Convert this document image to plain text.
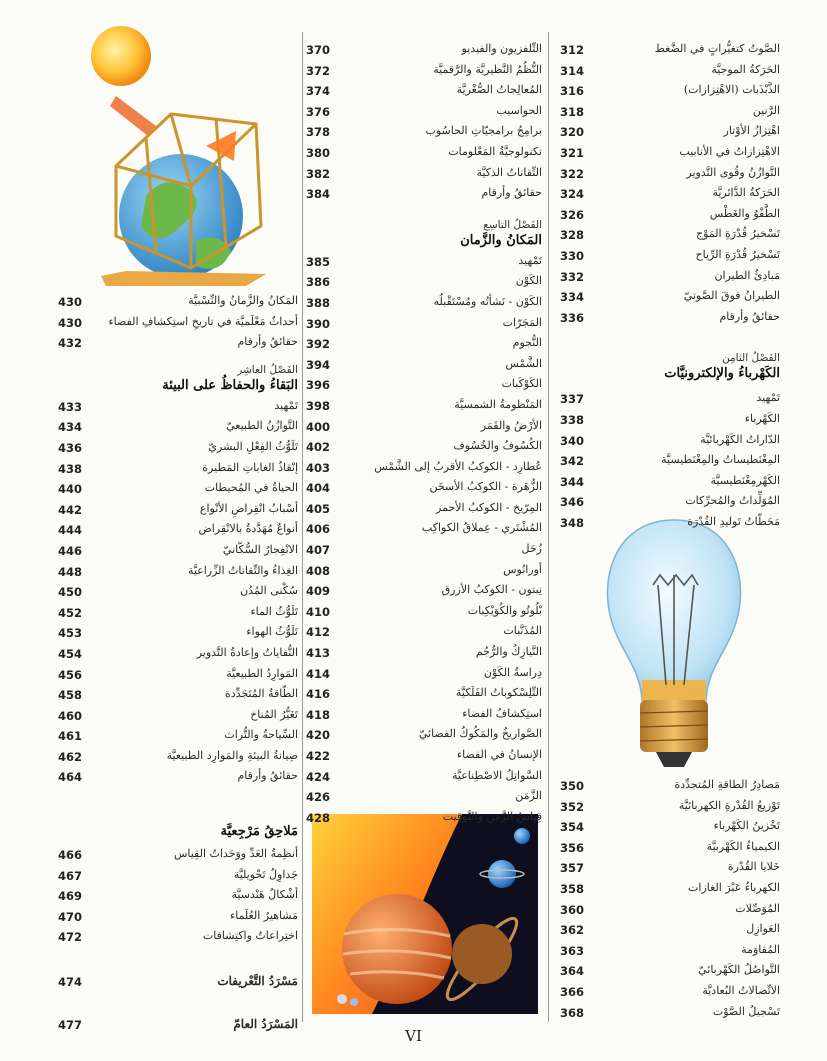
312	الصَّوتُ كتغيُّراتٍ في الضَّغط
314	الحَرَكةُ الموجيَّة
316	الذَّبْذَبات (الاهْتِزازات)
318	الرَّنين
320	اهْتِزازُ الأوْتار
321	الاهْتِزازاتُ في الأنابيب
322	التَّوازُنُ وقُوى التَّدوير
324	الحَرَكةُ الدَّائريَّة
326	الطَّفْوُ والغَطْس
328	تَسْخيرُ قُدْرَةِ المَوْج
330	تَسْخيرُ قُدْرَةِ الرِّياح
332	مَبادِئُ الطيران
334	الطيرانُ فوقَ الصَّوتيّ
336	حقائقُ وأرقام
الفَصْلُ الثامِن
الكَهْرباءُ والإلكترونيَّات
337	تَمْهيد
338	الكَهْرباء
340	الدّاراتُ الكَهْربائيَّة
342	المِغْنَطيساتُ والمِغْنَطيسيَّة
344	الكَهْرمِغْنَطيسيَّة
346	المُوَلِّداتُ والمُحرِّكات
348	مَحَطّاتُ تَوليدِ القُدْرَة
350	مَصادِرُ الطاقةِ المُتجدِّدة
352	تَوْزيعُ القُدْرةِ الكهربائيَّة
354	تَخْزينُ الكَهْرباء
356	الكيمياءُ الكَهْربيَّة
357	خَلايا القُدْرة
358	الكهرباءُ عَبْرَ الغازات
360	المُوَصِّلات
362	العَوازِل
363	المُقاوَمة
364	التَّواصُلُ الكَهْربائيّ
366	الاتِّصالاتُ البُعاديَّة
368	تَسْجيلُ الصَّوْت
370	التِّلفزيون والفيديو
372	النُّظُمُ النَّظيريَّة والرَّقميَّة
374	المُعالِجاتُ الصُّغْريَّة
376	الحواسيب
378	برامِجُ برامجيّاتِ الحاسُوب
380	تكنولوجيَّةُ المَعْلومات
382	التِّقاناتُ الذكيَّة
384	حقائقُ وأرقام
الفَصْلُ التاسِع
المَكانُ والزَّمان
385	تَمْهيد
386	الكَوْن
388	الكَوْن - نَشأتُه ومُسْتَقْبلُه
390	المَجَرّات
392	النُّجوم
394	الشَّمْس
396	الكَوْكَبات
398	المَنْظومةُ الشمسيَّة
400	الأرْضُ والقَمَر
402	الكُسُوفُ والخُسُوف
403	عُطارِد - الكوكبُ الأقربُ إلى الشَّمْس
404	الزُّهَرة - الكوكبُ الأسخَن
405	المِرّيخ - الكوكبُ الأحمر
406	المُشْتَري - عِملاقُ الكواكِب
407	زُحَل
408	أورانُوس
409	نِبتون - الكوكبُ الأزرق
410	بْلُوتُو والكُوَيْكِبات
412	المُذَنَّبات
413	النَّيازِكُ والرُّجُم
414	دِراسةُ الكَوْن
416	التِّلِسْكوباتُ الفَلَكيَّة
418	استِكشافُ الفضاء
420	الصَّواريخُ والمَكُوكُ الفضائيّ
422	الإنسانُ في الفضاء
424	السَّواتِلُ الاصْطِناعيَّة
426	الزَّمَن
428	قِياسُ الزَّمَنِ والتَّوقيت
430	المَكانُ والزَّمانُ والنِّسْبيَّة
430 أحداثٌ مَعْلَميَّة في تاريخِ استِكشافِ الفضاء
432	حقائقُ وأرقام
الفَصْلُ العاشِر
البَقاءُ والحفاظُ على البيئة
433	تَمْهيد
434	التَّوازُنُ الطبيعيّ
436	تَلَوُّثُ الفِعْلِ البشريّ
438	إنْقاذُ الغاباتِ المَطيرة
440	الحياةُ في المُحيطات
442	أسْبابُ انْقِراضِ الأنْواع
444	أنواعٌ مُهَدَّدةٌ بالانْقِراض
446	الانْفِجارُ السُّكّانيّ
448	الغِذاءُ والتِّقاناتُ الزِّراعيَّة
450	سُكْنى المُدُن
452	تَلَوُّثُ الماء
453	تَلَوُّثُ الهواء
454	النُّفاياتُ وإعادةُ التَّدوير
456	المَوارِدُ الطبيعيَّة
458	الطّاقةُ المُتَجَدِّدة
460	تَغَيُّرُ المُناخ
461	السِّياحةُ والتُّراث
462	صِيانةُ البيئةِ والمَوارِد الطبيعيَّة
464	حقائقُ وأرقام
مَلاحِقُ مَرْجِعيَّة
466	أنظِمةُ العَدِّ ووَحَداتُ القِياس
467	جَداوِلُ تَحْويليَّة
469	أشْكالٌ هَنْدسيَّة
470	مَشاهيرُ العُلَماء
472	اختِراعاتٌ واكتِشافات
474	مَسْرَدُ التَّعْريفات
477	المَسْرَدُ العامّ
VI
